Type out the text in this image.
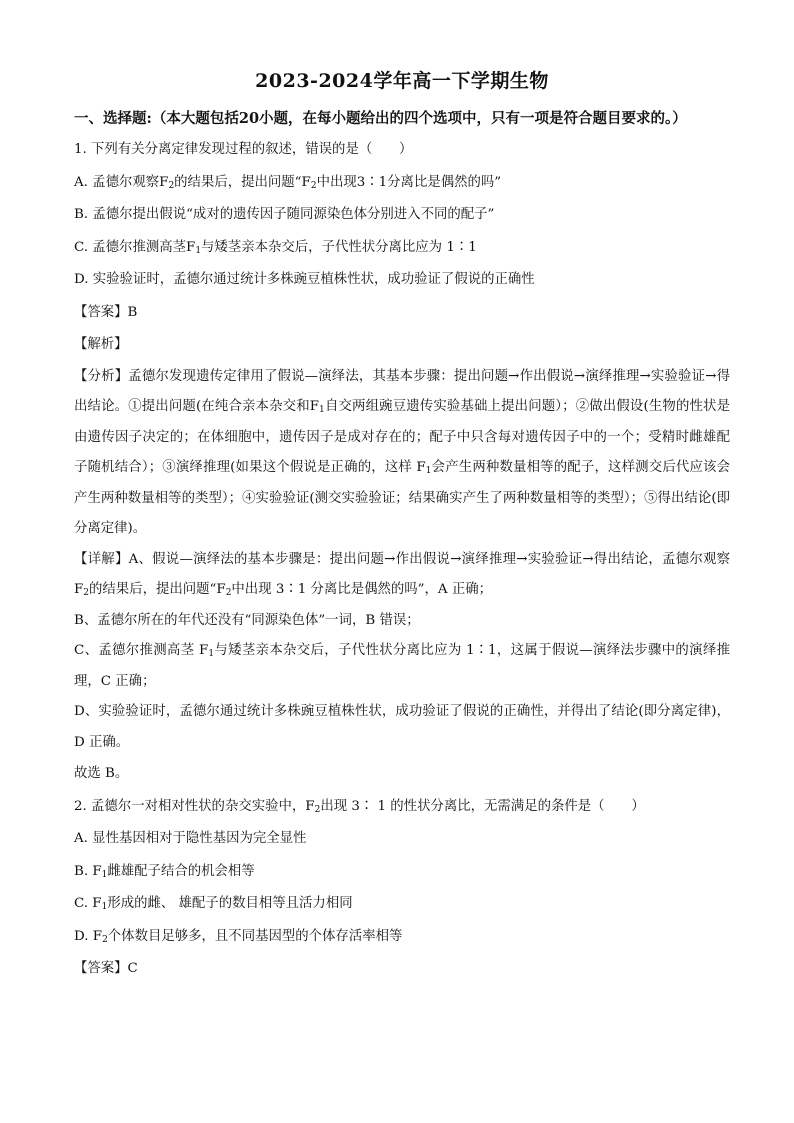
2023-2024学年高一下学期生物
一、选择题:（本大题包括20小题，在每小题给出的四个选项中，只有一项是符合题目要求的。）
1. 下列有关分离定律发现过程的叙述，错误的是（　　）
A. 孟德尔观察$F_2$的结果后，提出问题“$F_2$中出现3∶1分离比是偶然的吗”
B. 孟德尔提出假说“成对的遗传因子随同源染色体分别进入不同的配子”
C. 孟德尔推测高茎$F_1$与矮茎亲本杂交后，子代性状分离比应为 1∶1
D. 实验验证时，孟德尔通过统计多株豌豆植株性状，成功验证了假说的正确性
【答案】B
【解析】
【分析】孟德尔发现遗传定律用了假说—演绎法，其基本步骤：提出问题→作出假说→演绎推理→实验验证→得出结论。①提出问题(在纯合亲本杂交和$F_1$自交两组豌豆遗传实验基础上提出问题）；②做出假设(生物的性状是由遗传因子决定的；在体细胞中，遗传因子是成对存在的；配子中只含每对遗传因子中的一个；受精时雌雄配子随机结合）；③演绎推理(如果这个假说是正确的，这样 $F_1$会产生两种数量相等的配子，这样测交后代应该会产生两种数量相等的类型）；④实验验证(测交实验验证；结果确实产生了两种数量相等的类型）；⑤得出结论(即分离定律)。
【详解】A、假说—演绎法的基本步骤是：提出问题→作出假说→演绎推理→实验验证→得出结论，孟德尔观察 $F_2$的结果后，提出问题“$F_2$中出现 3∶1 分离比是偶然的吗”，A 正确；
B、孟德尔所在的年代还没有“同源染色体”一词，B 错误；
C、孟德尔推测高茎 $F_1$与矮茎亲本杂交后，子代性状分离比应为 1∶1，这属于假说—演绎法步骤中的演绎推理，C 正确；
D、实验验证时，孟德尔通过统计多株豌豆植株性状，成功验证了假说的正确性，并得出了结论(即分离定律)，D 正确。
故选 B。
2. 孟德尔一对相对性状的杂交实验中，$F_2$出现 3∶ 1 的性状分离比，无需满足的条件是（　　）
A. 显性基因相对于隐性基因为完全显性
B. $F_1$雌雄配子结合的机会相等
C. $F_1$形成的雌、 雄配子的数目相等且活力相同
D. $F_2$个体数目足够多，且不同基因型的个体存活率相等
【答案】C
